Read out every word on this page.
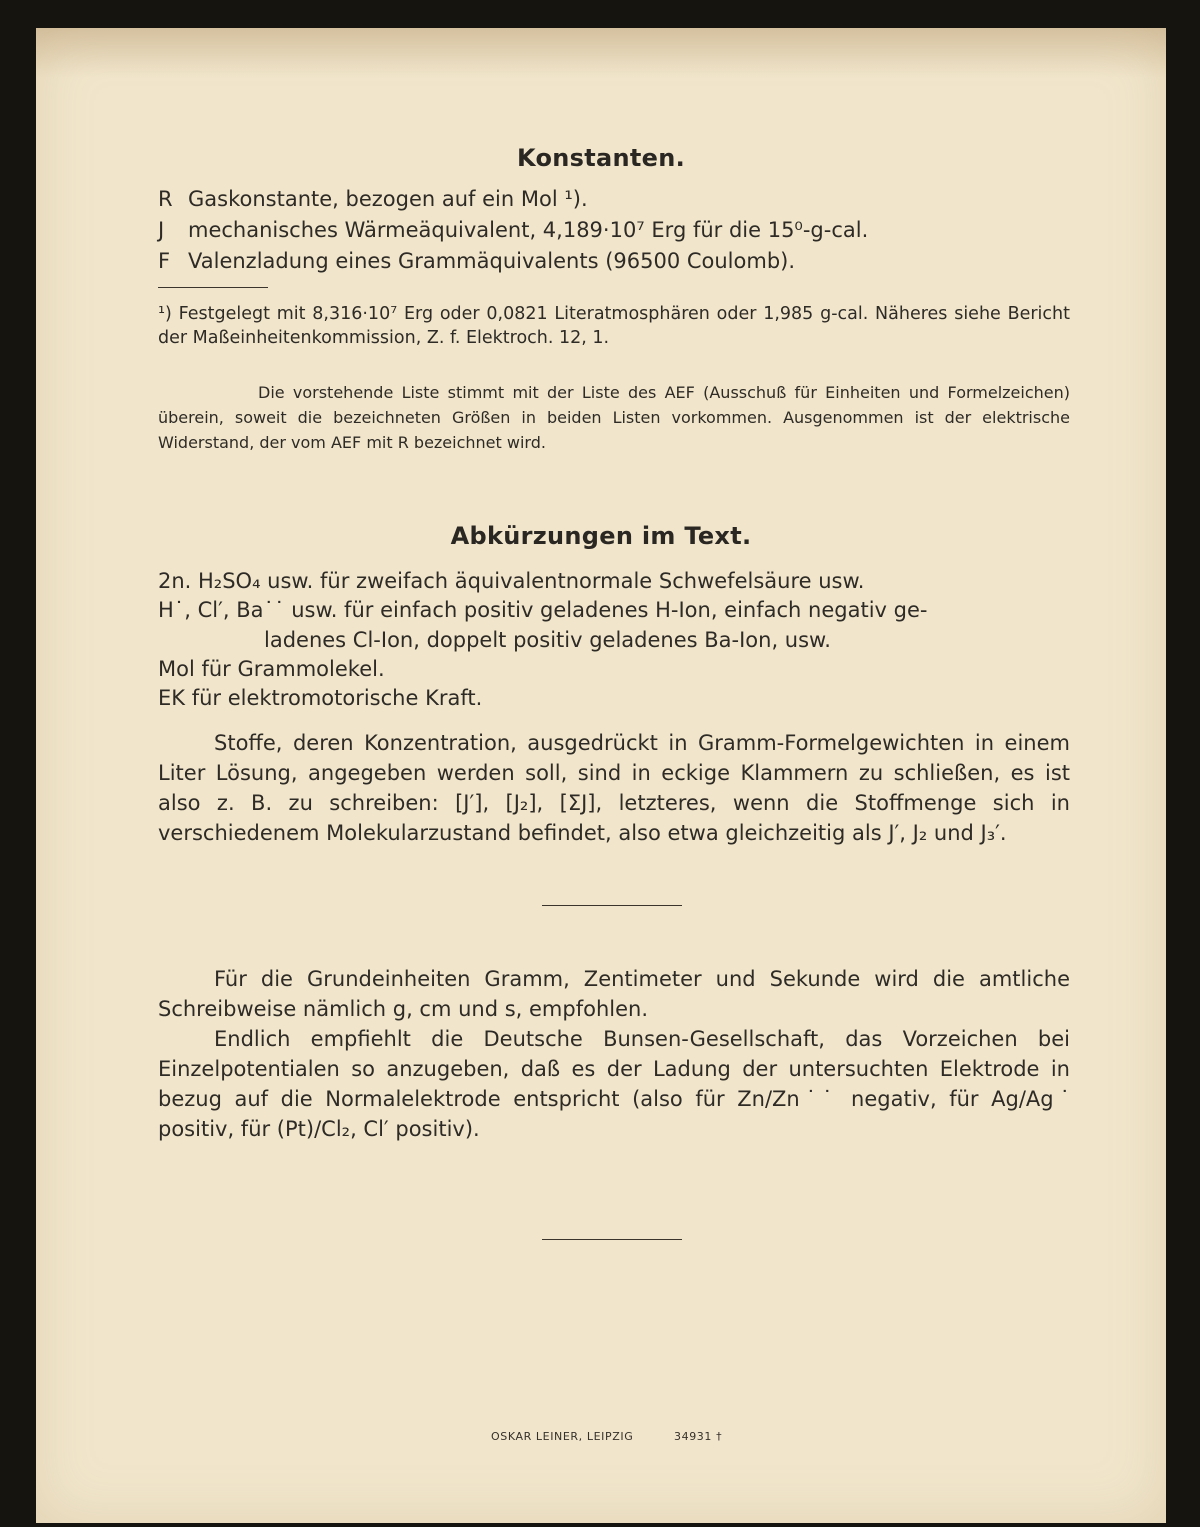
Konstanten.
R Gaskonstante, bezogen auf ein Mol ¹).
J mechanisches Wärmeäquivalent, 4,189·10⁷ Erg für die 15⁰-g-cal.
F Valenzladung eines Grammäquivalents (96500 Coulomb).
¹) Festgelegt mit 8,316·10⁷ Erg oder 0,0821 Literatmosphären oder 1,985 g-cal. Näheres siehe Bericht der Maßeinheitenkommission, Z. f. Elektroch. 12, 1.
Die vorstehende Liste stimmt mit der Liste des AEF (Ausschuß für Einheiten und Formelzeichen) überein, soweit die bezeichneten Größen in beiden Listen vorkommen. Ausgenommen ist der elektrische Widerstand, der vom AEF mit R bezeichnet wird.
Abkürzungen im Text.
2n. H₂SO₄ usw. für zweifach äquivalentnormale Schwefelsäure usw.
H˙, Cl′, Ba˙˙ usw. für einfach positiv geladenes H-Ion, einfach negativ ge-
ladenes Cl-Ion, doppelt positiv geladenes Ba-Ion, usw.
Mol für Grammolekel.
EK für elektromotorische Kraft.
Stoffe, deren Konzentration, ausgedrückt in Gramm-Formelgewichten in einem Liter Lösung, angegeben werden soll, sind in eckige Klammern zu schließen, es ist also z. B. zu schreiben: [J′], [J₂], [ΣJ], letzteres, wenn die Stoffmenge sich in verschiedenem Molekularzustand befindet, also etwa gleichzeitig als J′, J₂ und J₃′.
Für die Grundeinheiten Gramm, Zentimeter und Sekunde wird die amtliche Schreibweise nämlich g, cm und s, empfohlen.
Endlich empfiehlt die Deutsche Bunsen-Gesellschaft, das Vorzeichen bei Einzelpotentialen so anzugeben, daß es der Ladung der untersuchten Elektrode in bezug auf die Normalelektrode entspricht (also für Zn/Zn˙˙ negativ, für Ag/Ag˙ positiv, für (Pt)/Cl₂, Cl′ positiv).
OSKAR LEINER, LEIPZIG	34931 †
